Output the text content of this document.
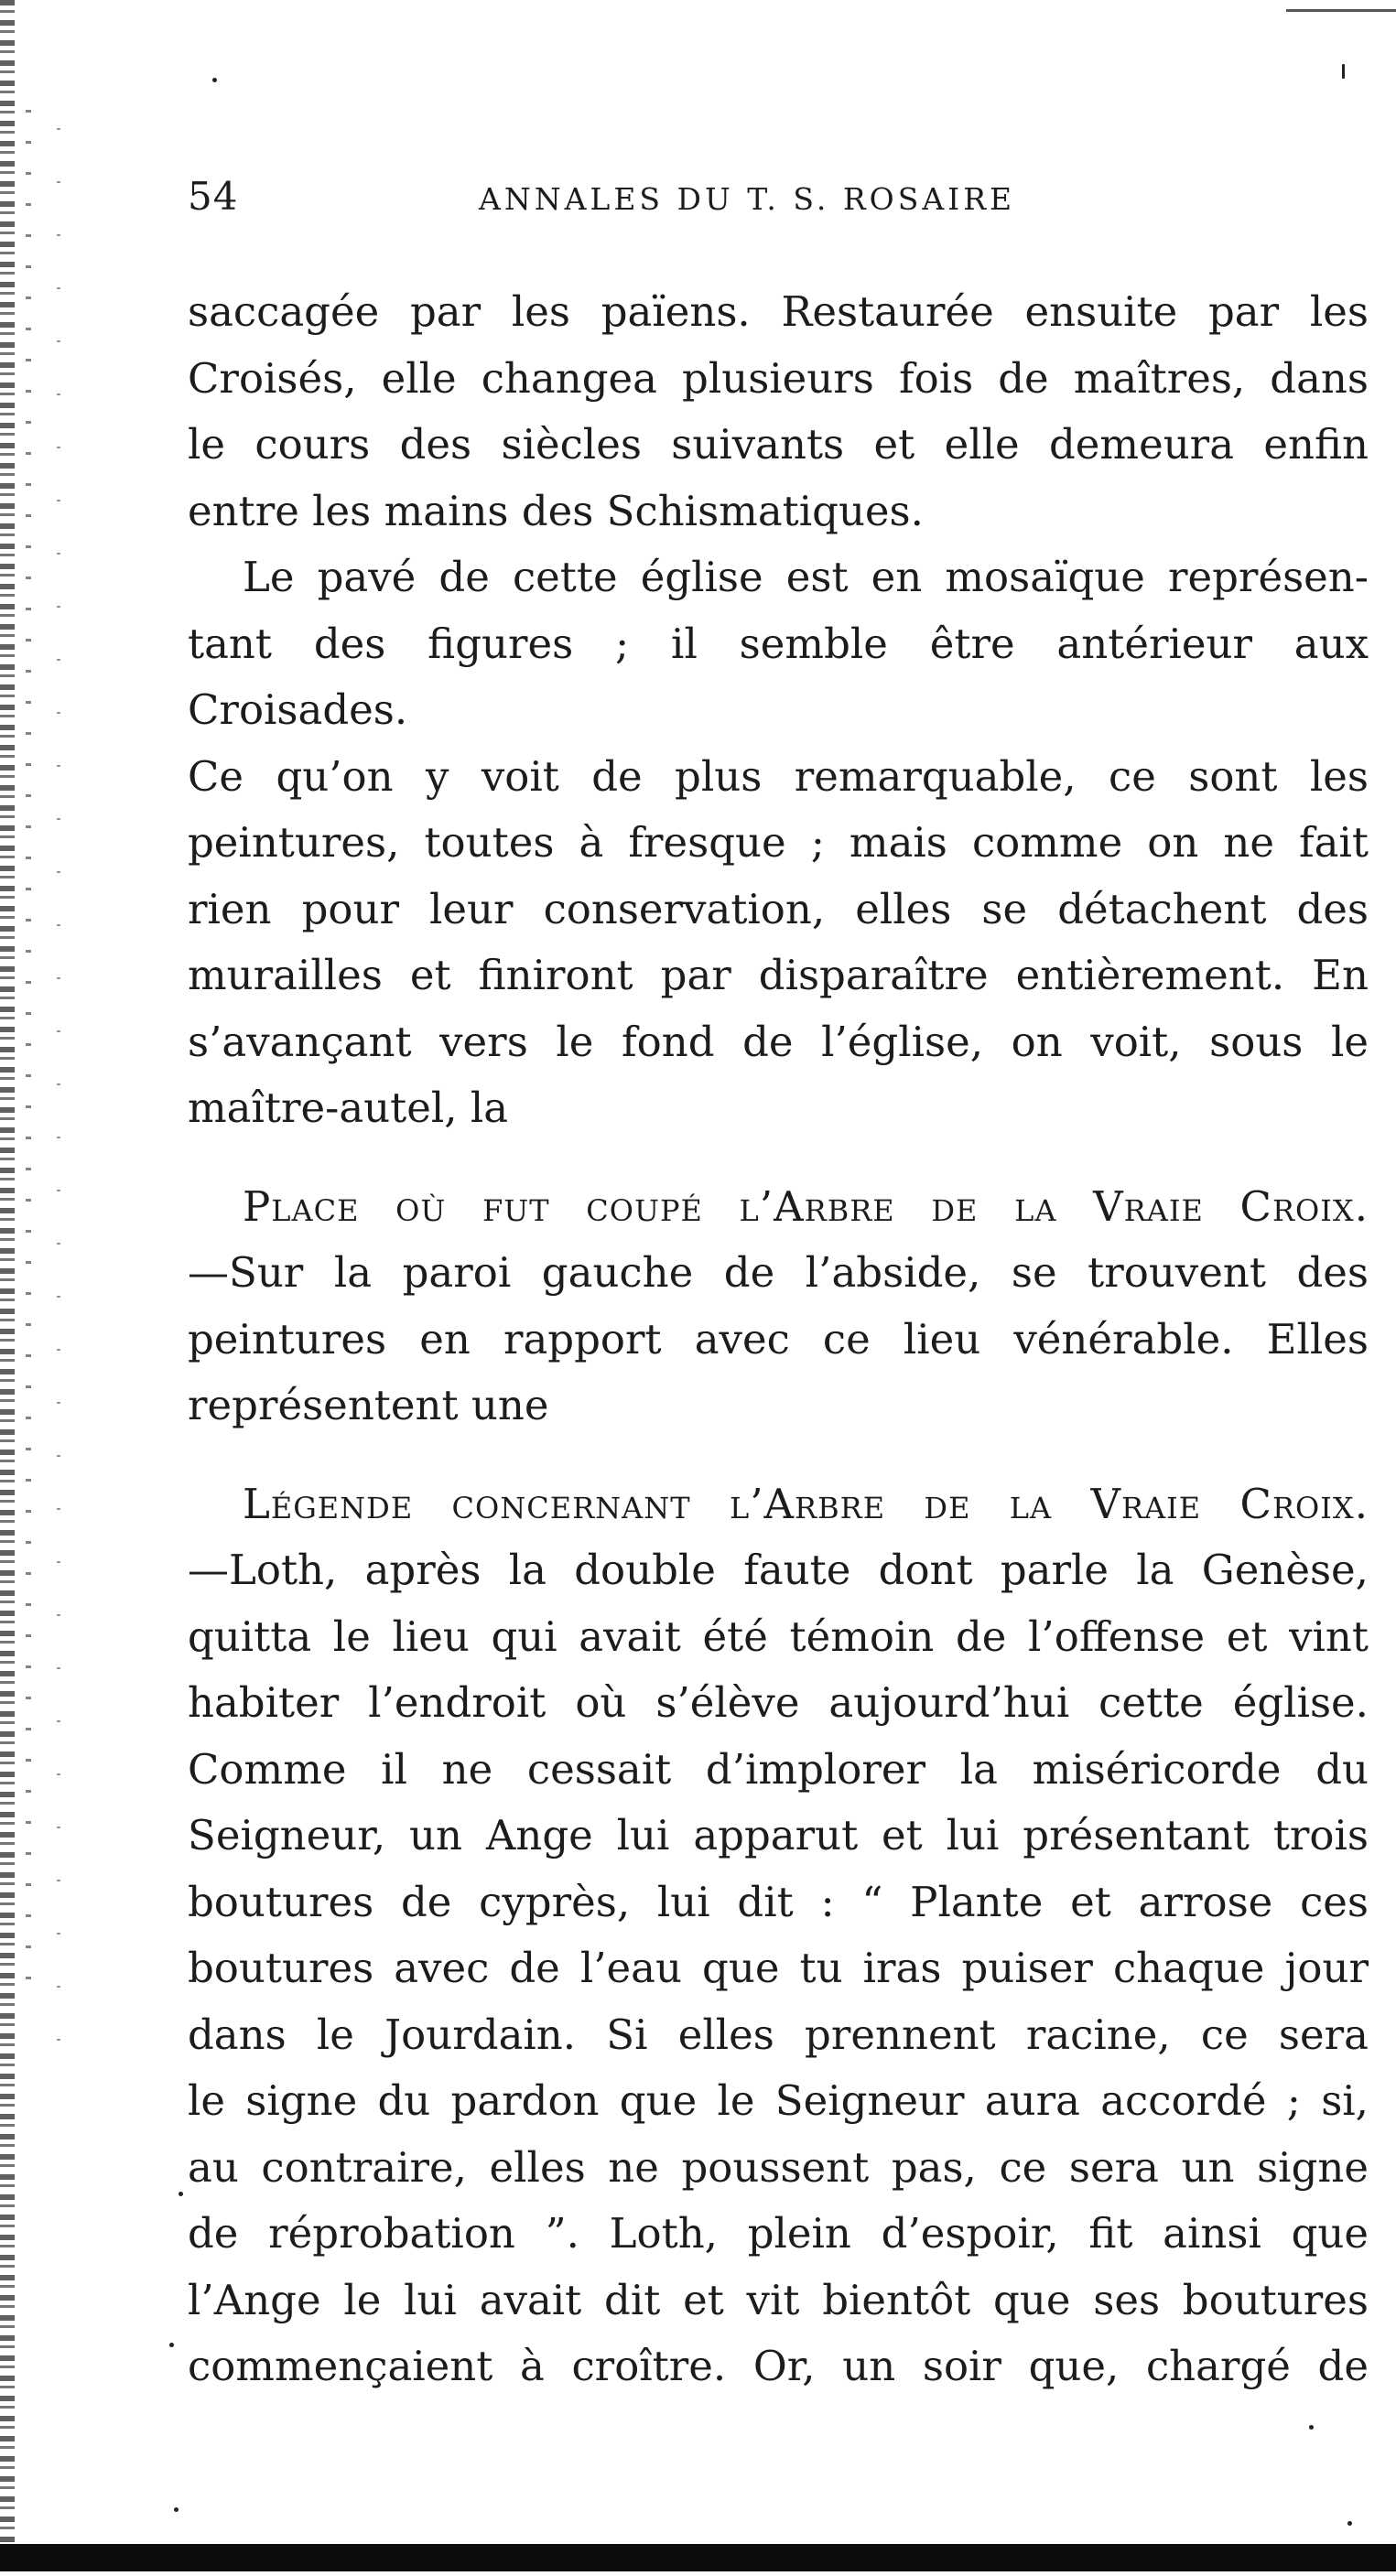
54	ANNALES DU T. S. ROSAIRE

saccagée par les païens. Restaurée ensuite par les

Croisés, elle changea plusieurs fois de maîtres, dans

le cours des siècles suivants et elle demeura enfin

entre les mains des Schismatiques.

Le pavé de cette église est en mosaïque représen-

tant des figures ; il semble être antérieur aux Croisades.

Ce qu’on y voit de plus remarquable, ce sont les

peintures, toutes à fresque ; mais comme on ne fait

rien pour leur conservation, elles se détachent des

murailles et finiront par disparaître entièrement. En

s’avançant vers le fond de l’église, on voit, sous le

maître-autel, la

Place où fut coupé l’Arbre de la Vraie Croix.

—Sur la paroi gauche de l’abside, se trouvent des

peintures en rapport avec ce lieu vénérable. Elles

représentent une

Légende concernant l’Arbre de la Vraie Croix.

—Loth, après la double faute dont parle la Genèse,

quitta le lieu qui avait été témoin de l’offense et vint

habiter l’endroit où s’élève aujourd’hui cette église.

Comme il ne cessait d’implorer la miséricorde du

Seigneur, un Ange lui apparut et lui présentant trois

boutures de cyprès, lui dit : “ Plante et arrose ces

boutures avec de l’eau que tu iras puiser chaque jour

dans le Jourdain. Si elles prennent racine, ce sera

le signe du pardon que le Seigneur aura accordé ; si,

au contraire, elles ne poussent pas, ce sera un signe

de réprobation ”. Loth, plein d’espoir, fit ainsi que

l’Ange le lui avait dit et vit bientôt que ses boutures

commençaient à croître. Or, un soir que, chargé de
